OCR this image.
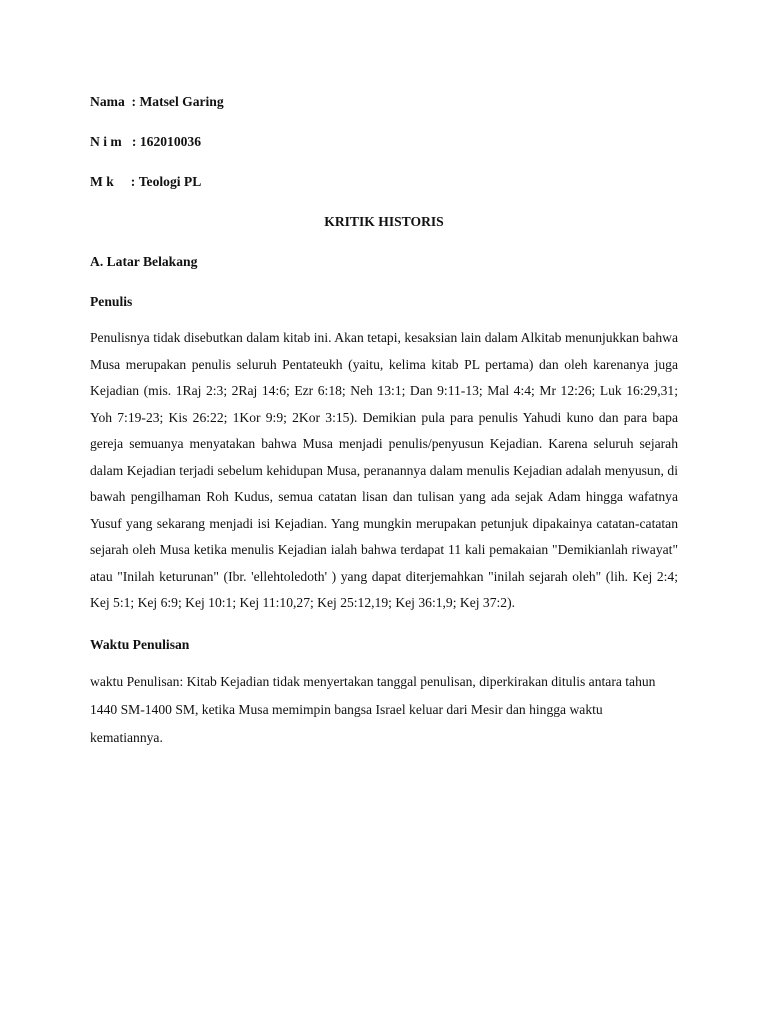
Nama  : Matsel Garing

N i m   : 162010036

M k     : Teologi PL

KRITIK HISTORIS

A. Latar Belakang

Penulis

Penulisnya tidak disebutkan dalam kitab ini. Akan tetapi, kesaksian lain dalam Alkitab menunjukkan bahwa Musa merupakan penulis seluruh Pentateukh (yaitu, kelima kitab PL pertama) dan oleh karenanya juga Kejadian (mis. 1Raj 2:3; 2Raj 14:6; Ezr 6:18; Neh 13:1; Dan 9:11-13; Mal 4:4; Mr 12:26; Luk 16:29,31; Yoh 7:19-23; Kis 26:22; 1Kor 9:9; 2Kor 3:15). Demikian pula para penulis Yahudi kuno dan para bapa gereja semuanya menyatakan bahwa Musa menjadi penulis/penyusun Kejadian. Karena seluruh sejarah dalam Kejadian terjadi sebelum kehidupan Musa, peranannya dalam menulis Kejadian adalah menyusun, di bawah pengilhaman Roh Kudus, semua catatan lisan dan tulisan yang ada sejak Adam hingga wafatnya Yusuf yang sekarang menjadi isi Kejadian. Yang mungkin merupakan petunjuk dipakainya catatan-catatan sejarah oleh Musa ketika menulis Kejadian ialah bahwa terdapat 11 kali pemakaian "Demikianlah riwayat" atau "Inilah keturunan" (Ibr. 'ellehtoledoth' ) yang dapat diterjemahkan "inilah sejarah oleh" (lih. Kej 2:4; Kej 5:1; Kej 6:9; Kej 10:1; Kej 11:10,27; Kej 25:12,19; Kej 36:1,9; Kej 37:2).

Waktu Penulisan

waktu Penulisan: Kitab Kejadian tidak menyertakan tanggal penulisan, diperkirakan ditulis antara tahun 1440 SM-1400 SM, ketika Musa memimpin bangsa Israel keluar dari Mesir dan hingga waktu kematiannya.
